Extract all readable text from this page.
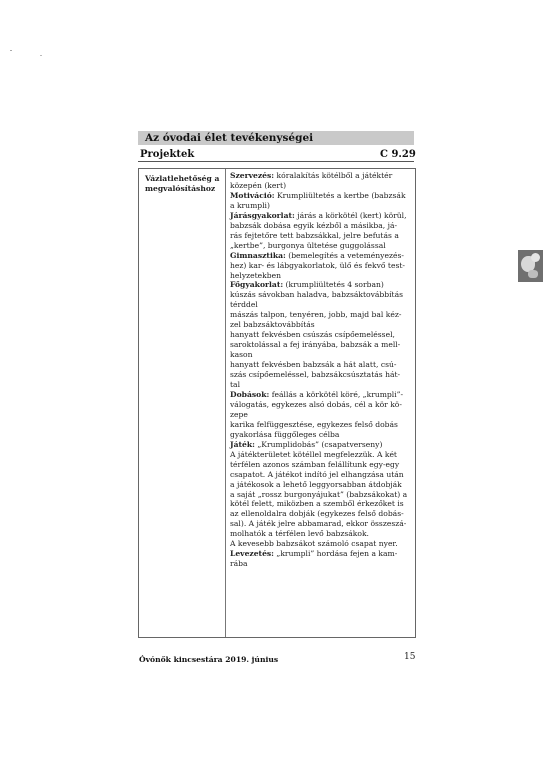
Az óvodai élet tevékenységei
Projektek	C 9.29
Vázlatlehetőség a
megvalósításhoz
Szervezés: kóralakítás kötélből a játéktér
közepén (kert)
Motiváció: Krumpliültetés a kertbe (babzsák
a krumpli)
Járásgyakorlat: járás a körkötél (kert) körül,
babzsák dobása egyik kézből a másikba, já-
rás fejtetőre tett babzsákkal, jelre befutás a
„kertbe”, burgonya ültetése guggolással
Gimnasztika: (bemelegítés a veteményezés-
hez) kar- és lábgyakorlatok, ülő és fekvő test-
helyzetekben
Főgyakorlat: (krumpliültetés 4 sorban)
kúszás sávokban haladva, babzsáktovábbítás
térddel
mászás talpon, tenyéren, jobb, majd bal kéz-
zel babzsáktovábbítás
hanyatt fekvésben csúszás csípőemeléssel,
saroktolással a fej irányába, babzsák a mell-
kason
hanyatt fekvésben babzsák a hát alatt, csú-
szás csípőemeléssel, babzsákcsúsztatás hát-
tal
Dobások: feállás a körkötél köré, „krumpli”-
válogatás, egykezes alsó dobás, cél a kör kö-
zepe
karika felfüggesztése, egykezes felső dobás
gyakorlása függőleges célba
Játék: „Krumplidobás” (csapatverseny)
A játékterületet kötéllel megfelezzük. A két
térfélen azonos számban felállítunk egy-egy
csapatot. A játékot indító jel elhangzása után
a játékosok a lehető leggyorsabban átdobják
a saját „rossz burgonyájukat” (babzsákokat) a
kötél felett, miközben a szemből érkezőket is
az ellenoldalra dobják (egykezes felső dobás-
sal). A játék jelre abbamarad, ekkor összeszá-
molhatók a térfélen levő babzsákok.
A kevesebb babzsákot számoló csapat nyer.
Levezetés: „krumpli” hordása fejen a kam-
rába
Óvónők kincsestára 2019. június	15
